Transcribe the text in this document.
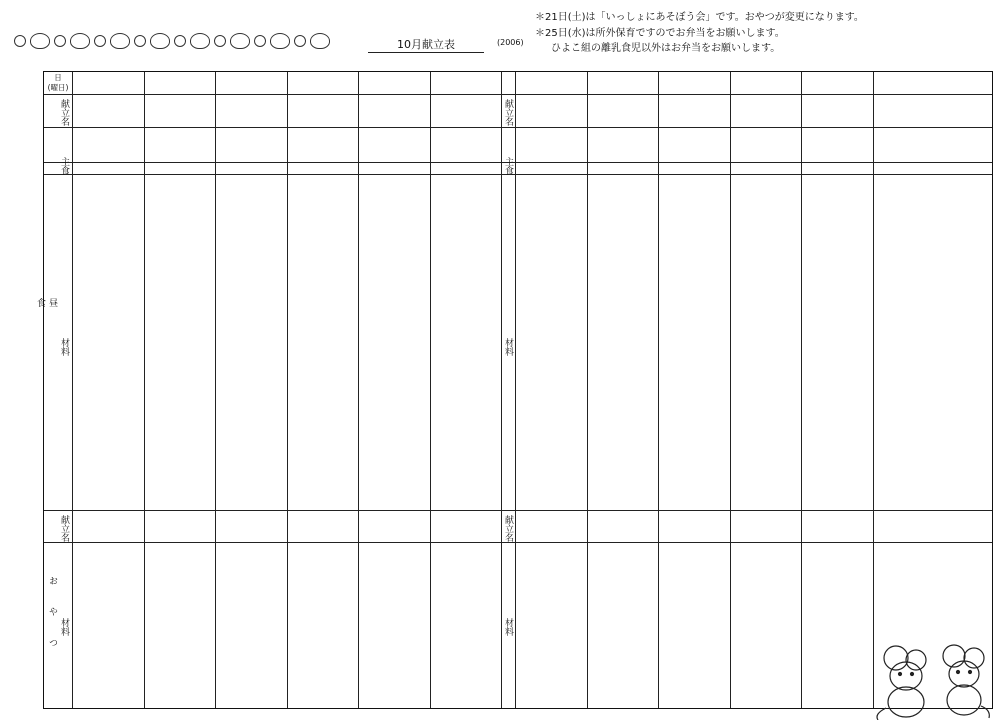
10月献立表	(2006)
＊21日(土)は「いっしょにあそぼう会」です。おやつが変更になります。
＊25日(水)は所外保育ですのでお弁当をお願いします。
ひよこ組の離乳食児以外はお弁当をお願いします。
日
(曜日)
献立名
主食
昼食	材料
献立名
おやつ 材料
献立名
主食
材料
献立名
材料
